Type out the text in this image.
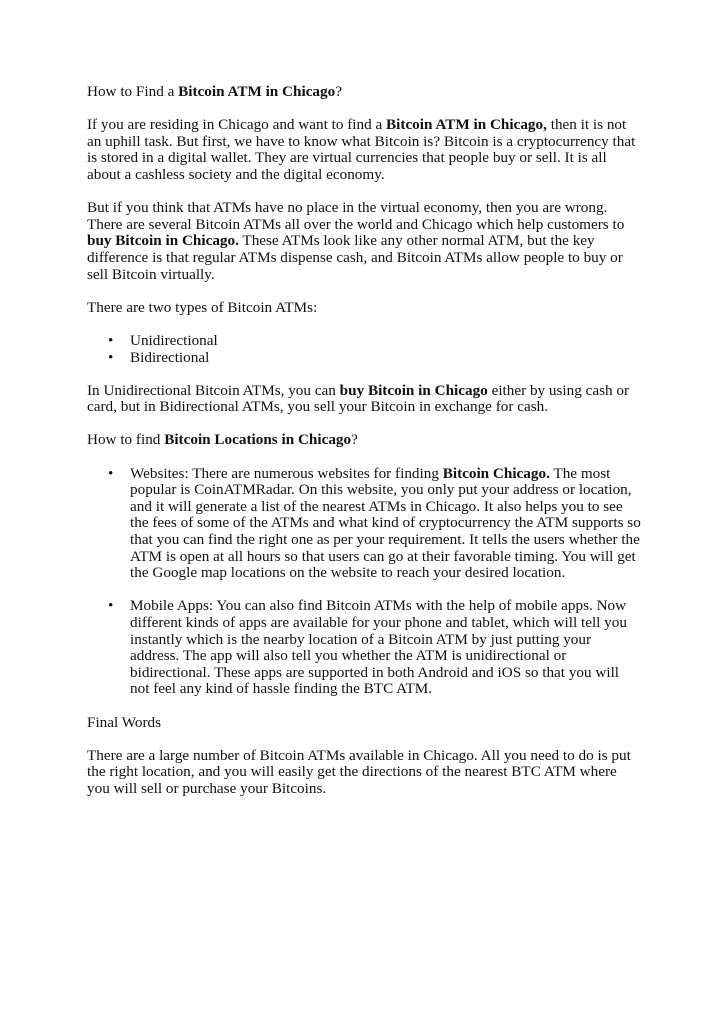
How to Find a Bitcoin ATM in Chicago?

If you are residing in Chicago and want to find a Bitcoin ATM in Chicago, then it is not an uphill task. But first, we have to know what Bitcoin is? Bitcoin is a cryptocurrency that is stored in a digital wallet. They are virtual currencies that people buy or sell. It is all about a cashless society and the digital economy.

But if you think that ATMs have no place in the virtual economy, then you are wrong. There are several Bitcoin ATMs all over the world and Chicago which help customers to buy Bitcoin in Chicago. These ATMs look like any other normal ATM, but the key difference is that regular ATMs dispense cash, and Bitcoin ATMs allow people to buy or sell Bitcoin virtually.

There are two types of Bitcoin ATMs:

• Unidirectional
• Bidirectional

In Unidirectional Bitcoin ATMs, you can buy Bitcoin in Chicago either by using cash or card, but in Bidirectional ATMs, you sell your Bitcoin in exchange for cash.

How to find Bitcoin Locations in Chicago?

• Websites: There are numerous websites for finding Bitcoin Chicago. The most popular is CoinATMRadar. On this website, you only put your address or location, and it will generate a list of the nearest ATMs in Chicago. It also helps you to see the fees of some of the ATMs and what kind of cryptocurrency the ATM supports so that you can find the right one as per your requirement. It tells the users whether the ATM is open at all hours so that users can go at their favorable timing. You will get the Google map locations on the website to reach your desired location.
• Mobile Apps: You can also find Bitcoin ATMs with the help of mobile apps. Now different kinds of apps are available for your phone and tablet, which will tell you instantly which is the nearby location of a Bitcoin ATM by just putting your address. The app will also tell you whether the ATM is unidirectional or bidirectional. These apps are supported in both Android and iOS so that you will not feel any kind of hassle finding the BTC ATM.

Final Words

There are a large number of Bitcoin ATMs available in Chicago. All you need to do is put the right location, and you will easily get the directions of the nearest BTC ATM where you will sell or purchase your Bitcoins.
